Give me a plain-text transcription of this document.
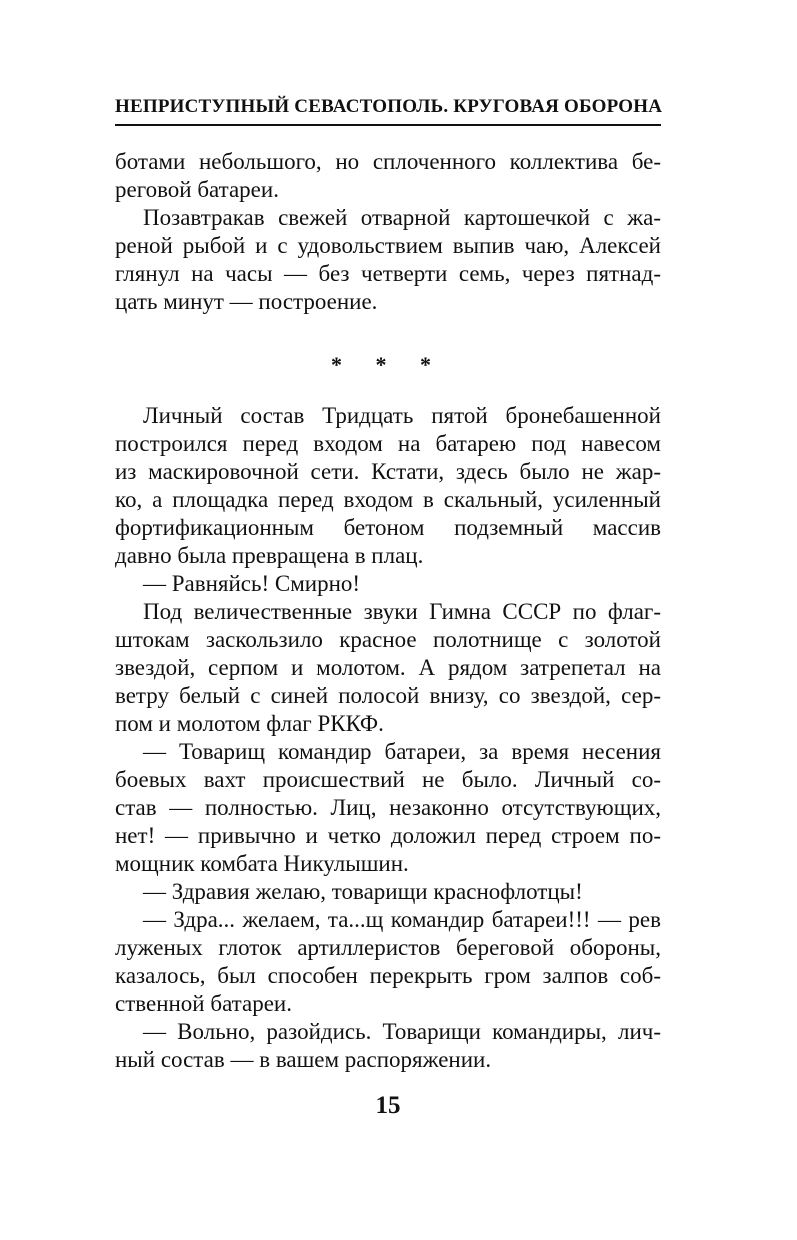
НЕПРИСТУПНЫЙ СЕВАСТОПОЛЬ. КРУГОВАЯ ОБОРОНА
ботами небольшого, но сплоченного коллектива бе-
реговой батареи.
Позавтракав свежей отварной картошечкой с жа-
реной рыбой и с удовольствием выпив чаю, Алексей
глянул на часы — без четверти семь, через пятнад-
цать минут — построение.
* * *
Личный состав Тридцать пятой бронебашенной
построился перед входом на батарею под навесом
из маскировочной сети. Кстати, здесь было не жар-
ко, а площадка перед входом в скальный, усиленный
фортификационным бетоном подземный массив
давно была превращена в плац.
— Равняйсь! Смирно!
Под величественные звуки Гимна СССР по флаг-
штокам заскользило красное полотнище с золотой
звездой, серпом и молотом. А рядом затрепетал на
ветру белый с синей полосой внизу, со звездой, сер-
пом и молотом флаг РККФ.
— Товарищ командир батареи, за время несения
боевых вахт происшествий не было. Личный со-
став — полностью. Лиц, незаконно отсутствующих,
нет! — привычно и четко доложил перед строем по-
мощник комбата Никулышин.
— Здравия желаю, товарищи краснофлотцы!
— Здра... желаем, та...щ командир батареи!!! — рев
луженых глоток артиллеристов береговой обороны,
казалось, был способен перекрыть гром залпов соб-
ственной батареи.
— Вольно, разойдись. Товарищи командиры, лич-
ный состав — в вашем распоряжении.
15
